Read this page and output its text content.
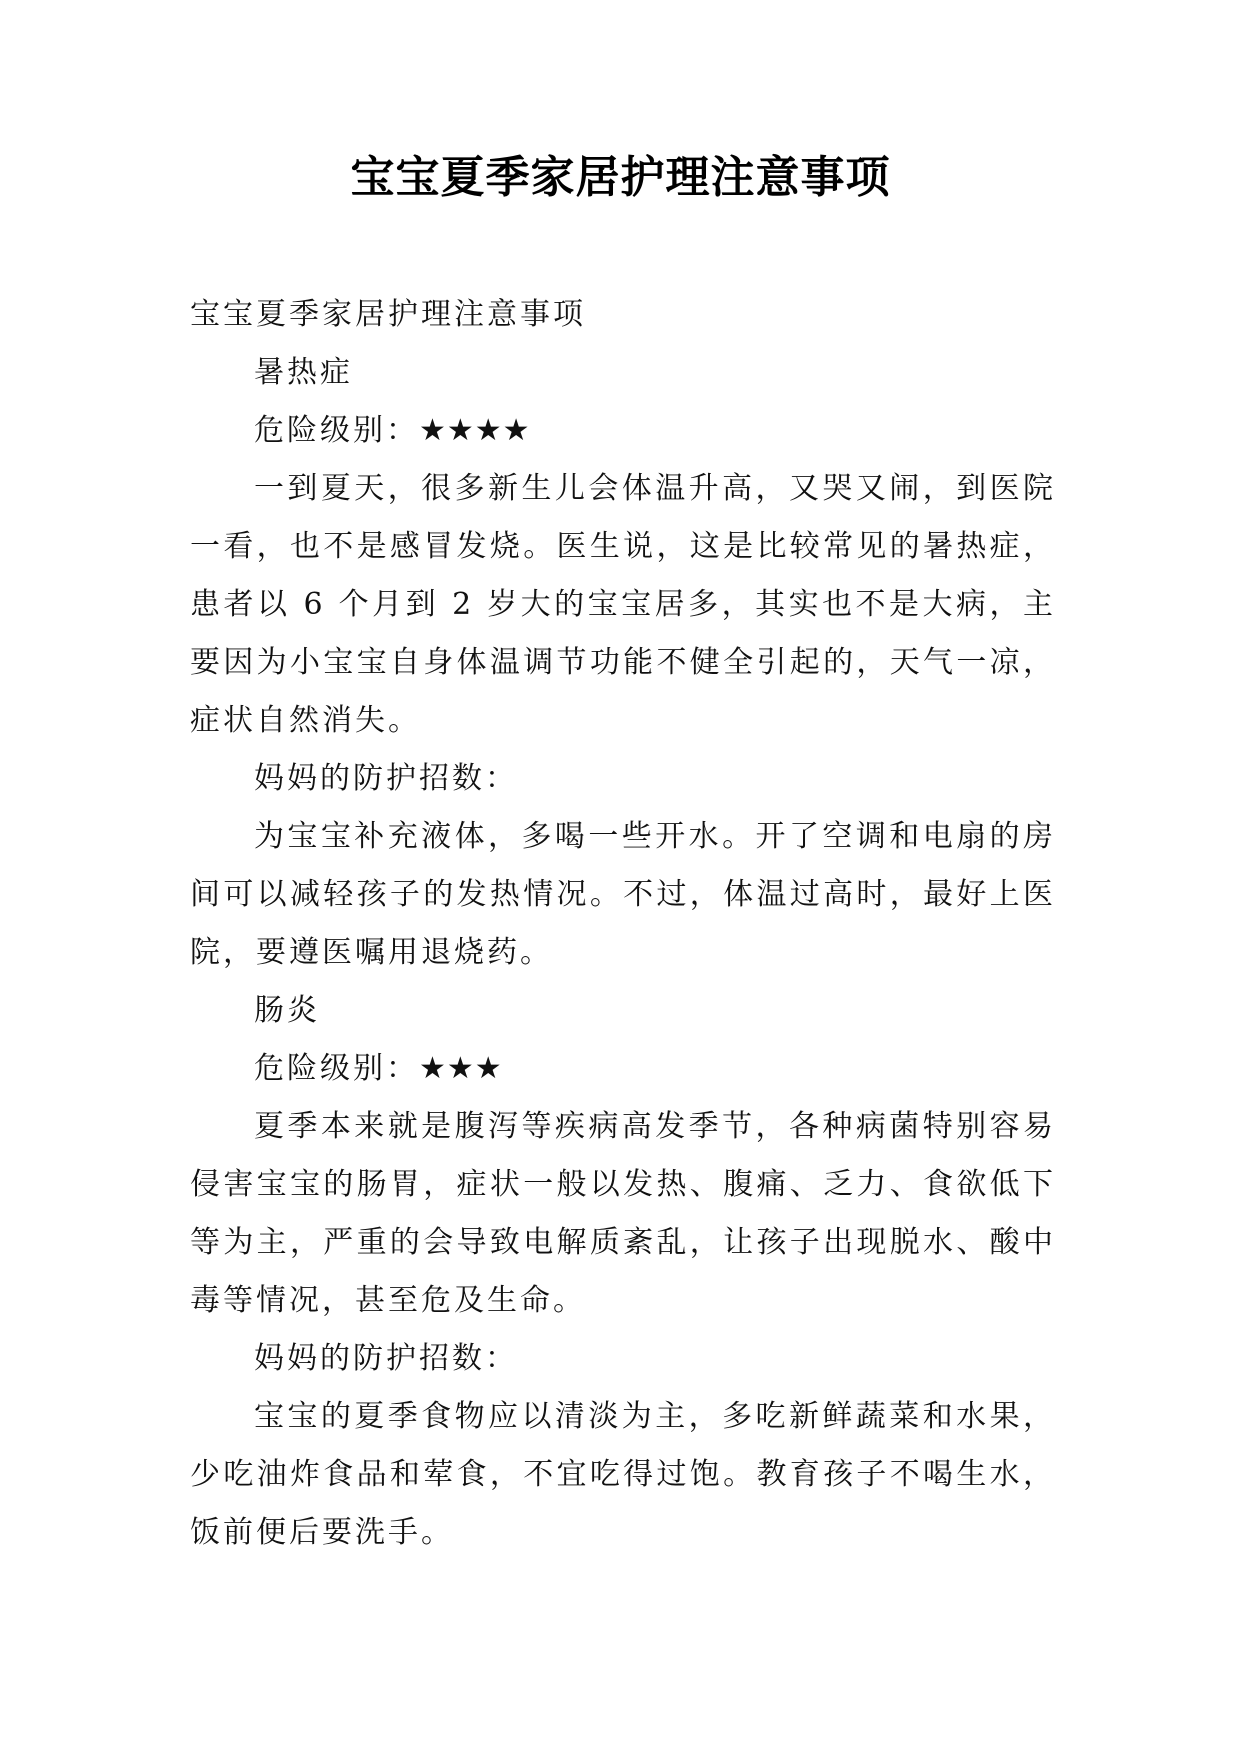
宝宝夏季家居护理注意事项

宝宝夏季家居护理注意事项

暑热症

危险级别：★★★★

一到夏天，很多新生儿会体温升高，又哭又闹，到医院一看，也不是感冒发烧。医生说，这是比较常见的暑热症，患者以 6 个月到 2 岁大的宝宝居多，其实也不是大病，主要因为小宝宝自身体温调节功能不健全引起的，天气一凉，症状自然消失。

妈妈的防护招数：

为宝宝补充液体，多喝一些开水。开了空调和电扇的房间可以减轻孩子的发热情况。不过，体温过高时，最好上医院，要遵医嘱用退烧药。

肠炎

危险级别：★★★

夏季本来就是腹泻等疾病高发季节，各种病菌特别容易侵害宝宝的肠胃，症状一般以发热、腹痛、乏力、食欲低下等为主，严重的会导致电解质紊乱，让孩子出现脱水、酸中毒等情况，甚至危及生命。

妈妈的防护招数：

宝宝的夏季食物应以清淡为主，多吃新鲜蔬菜和水果，少吃油炸食品和荤食，不宜吃得过饱。教育孩子不喝生水，饭前便后要洗手。
